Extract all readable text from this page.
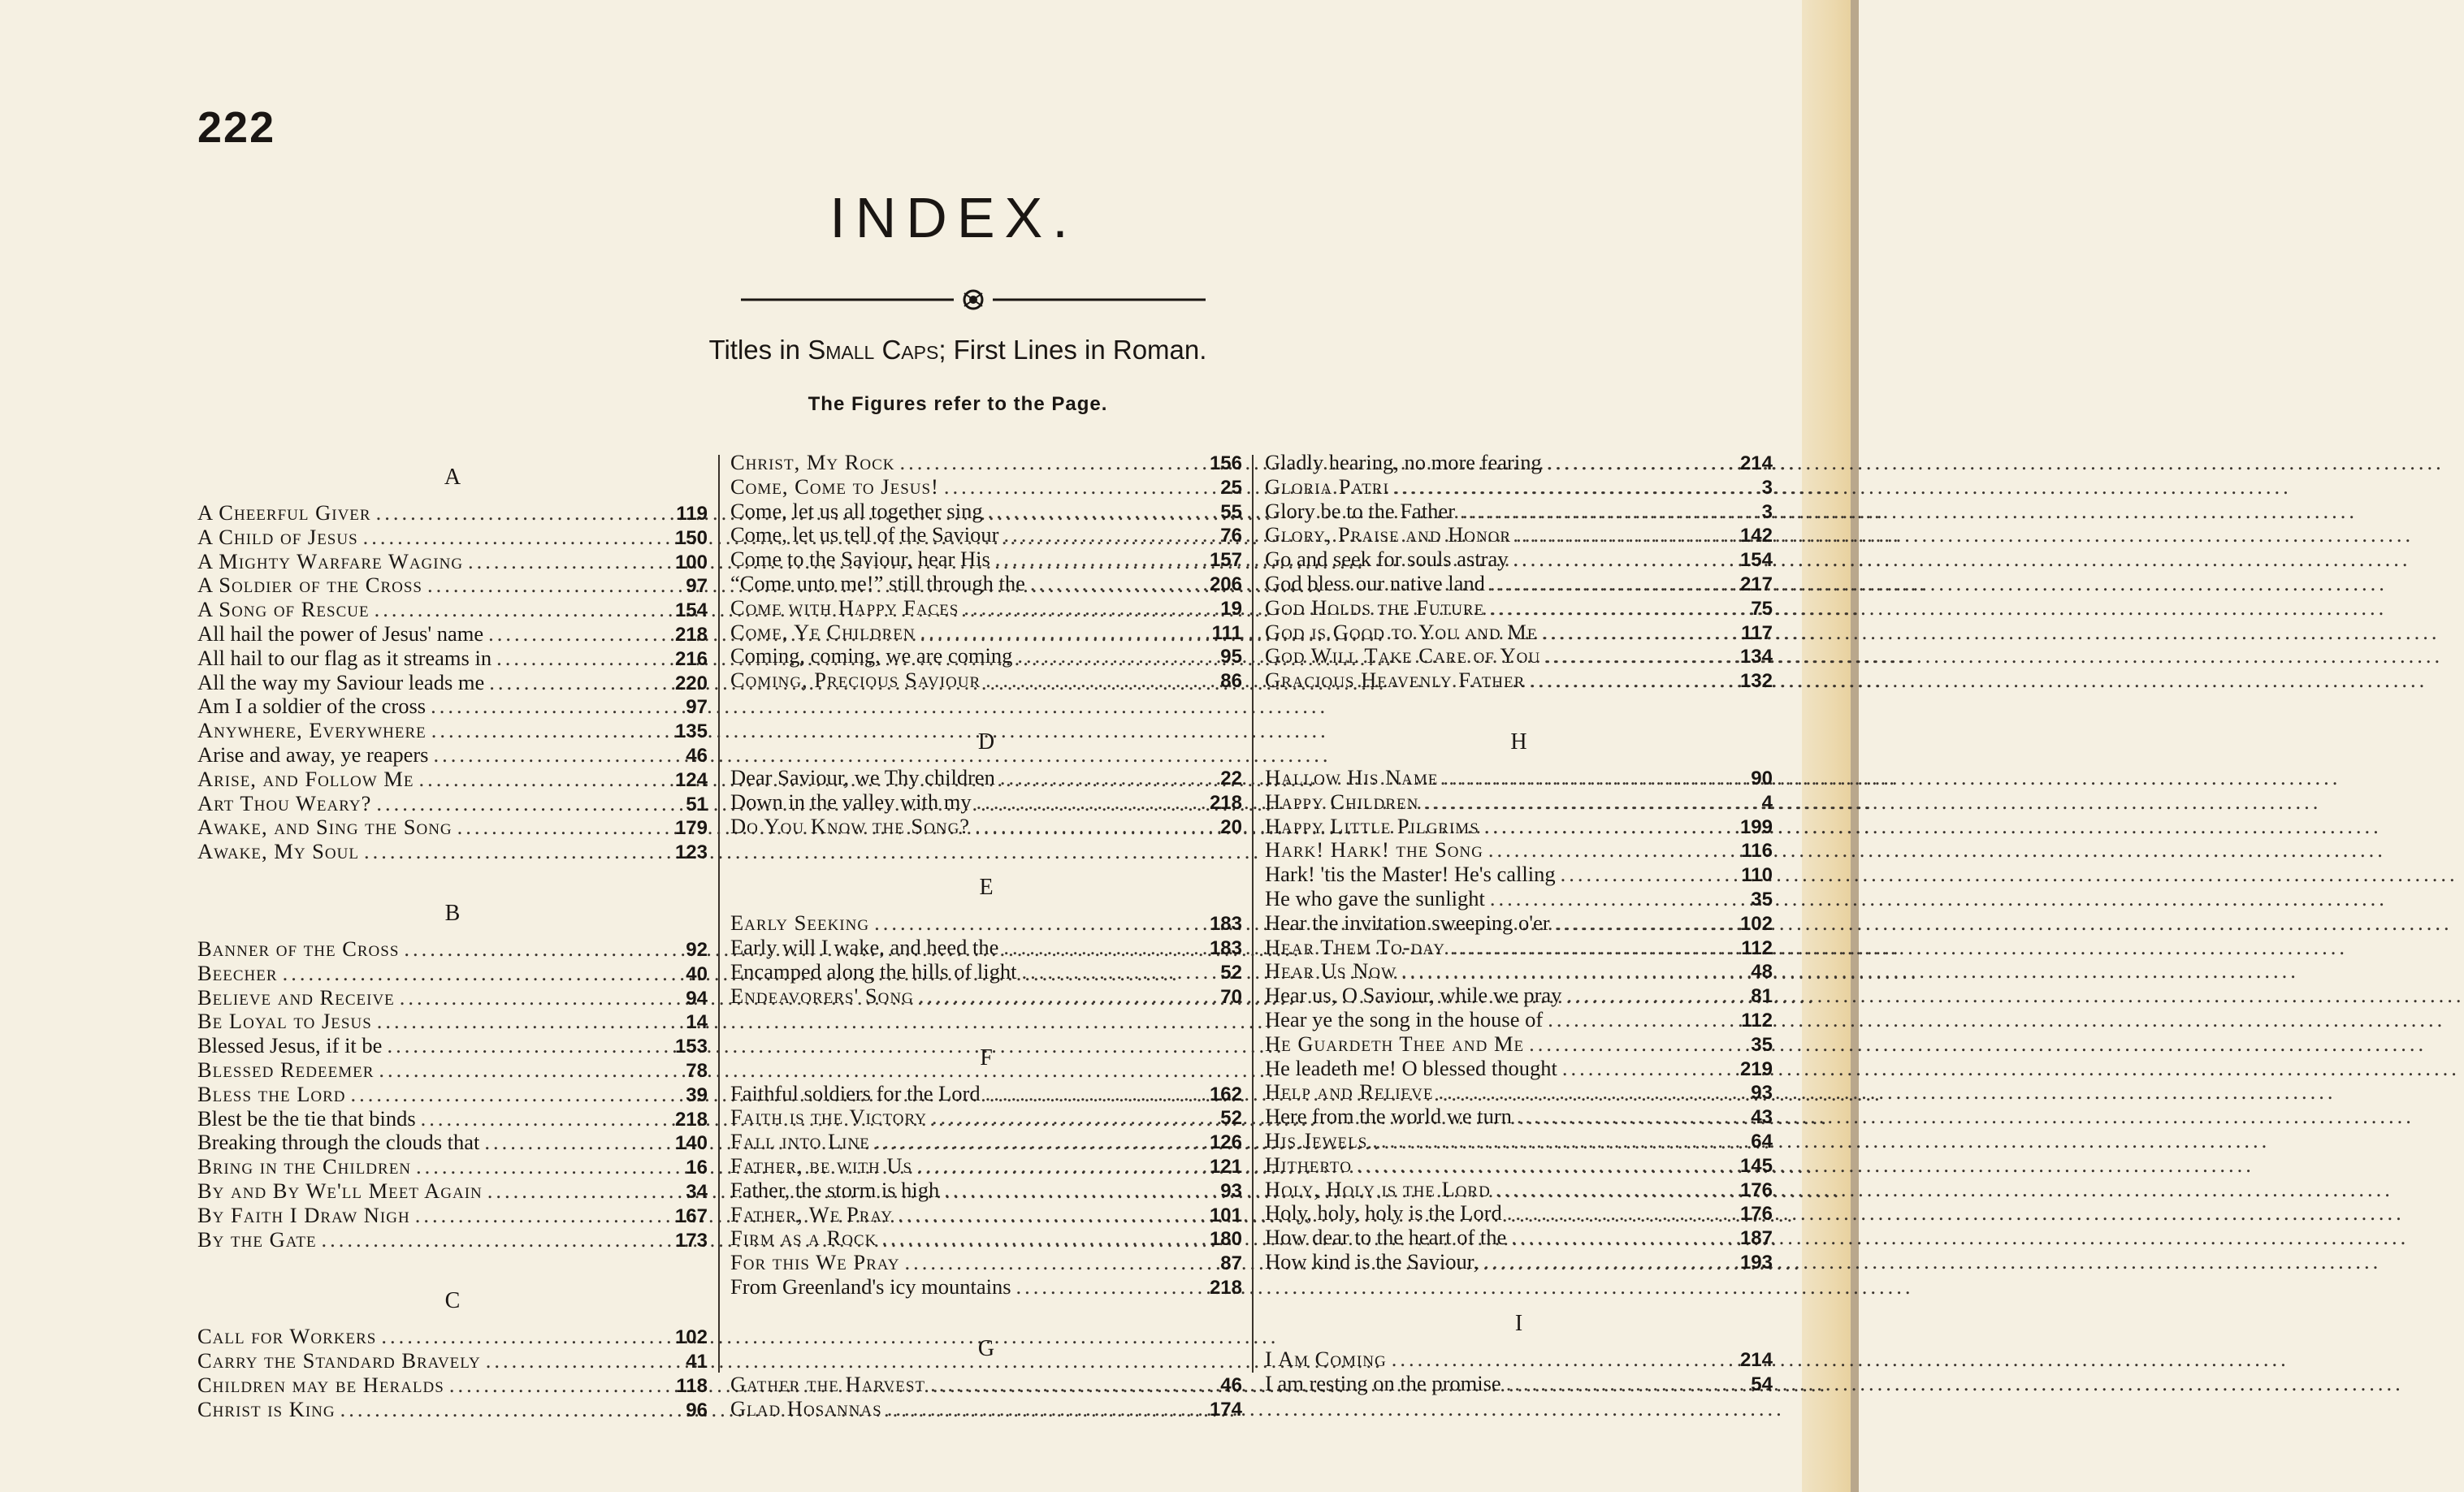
222
INDEX.
Titles in Small Caps; First Lines in Roman.
The Figures refer to the Page.
A
A Cheerful Giver .....	119
A Child of Jesus .....	150
A Mighty Warfare Waging .....	100
A Soldier of the Cross .....	97
A Song of Rescue .....	154
All hail the power of Jesus' name .....	218
All hail to our flag as it streams in .....	216
All the way my Saviour leads me .....	220
Am I a soldier of the cross .....	97
Anywhere, Everywhere .....	135
Arise and away, ye reapers .....	46
Arise, and Follow Me .....	124
Art Thou Weary? .....	51
Awake, and Sing the Song .....	179
Awake, My Soul .....	123
B
Banner of the Cross .....	92
Beecher .....	40
Believe and Receive .....	94
Be Loyal to Jesus .....	14
Blessed Jesus, if it be .....	153
Blessed Redeemer .....	78
Bless the Lord .....	39
Blest be the tie that binds .....	218
Breaking through the clouds that .....	140
Bring in the Children .....	16
By and By We'll Meet Again .....	34
By Faith I Draw Nigh .....	167
By the Gate .....	173
C
Call for Workers .....	102
Carry the Standard Bravely .....	41
Children may be Heralds .....	118
Christ is King .....	96
Christ, My Rock .....	156
Come, Come to Jesus! .....	25
Come, let us all together sing .....	55
Come, let us tell of the Saviour .....	76
Come to the Saviour, hear His .....	157
“Come unto me!” still through the .....	206
Come with Happy Faces .....	19
Come, Ye Children .....	111
Coming, coming, we are coming .....	95
Coming, Precious Saviour .....	86
D
Dear Saviour, we Thy children .....	22
Down in the valley with my .....	218
Do You Know the Song? .....	20
E
Early Seeking .....	183
Early will I wake, and heed the .....	183
Encamped along the hills of light .....	52
Endeavorers' Song .....	70
F
Faithful soldiers for the Lord .....	162
Faith is the Victory .....	52
Fall into Line .....	126
Father, be with Us .....	121
Father, the storm is high .....	93
Father, We Pray .....	101
Firm as a Rock .....	180
For this We Pray .....	87
From Greenland's icy mountains .....	218
G
Gather the Harvest .....	46
Glad Hosannas .....	174
Gladly hearing, no more fearing .....	214
Gloria Patri .....	3
Glory be to the Father .....	3
Glory, Praise and Honor .....	142
Go and seek for souls astray .....	154
God bless our native land .....	217
God Holds the Future .....	75
God is Good to You and Me .....	117
God Will Take Care of You .....	134
Gracious Heavenly Father .....	132
H
Hallow His Name .....	90
Happy Children .....	4
Happy Little Pilgrims .....	199
Hark! Hark! the Song .....	116
Hark! 'tis the Master! He's calling .....	110
He who gave the sunlight .....	35
Hear the invitation sweeping o'er .....	102
Hear Them To-day .....	112
Hear Us Now .....	48
Hear us, O Saviour, while we pray .....	81
Hear ye the song in the house of .....	112
He Guardeth Thee and Me .....	35
He leadeth me! O blessed thought .....	219
Help and Relieve .....	93
Here from the world we turn .....	43
His Jewels .....	64
Hitherto .....	145
Holy, Holy is the Lord .....	176
Holy, holy, holy is the Lord .....	176
How dear to the heart of the .....	187
How kind is the Saviour, .....	193
I
I Am Coming .....	214
I am resting on the promise .....	54
